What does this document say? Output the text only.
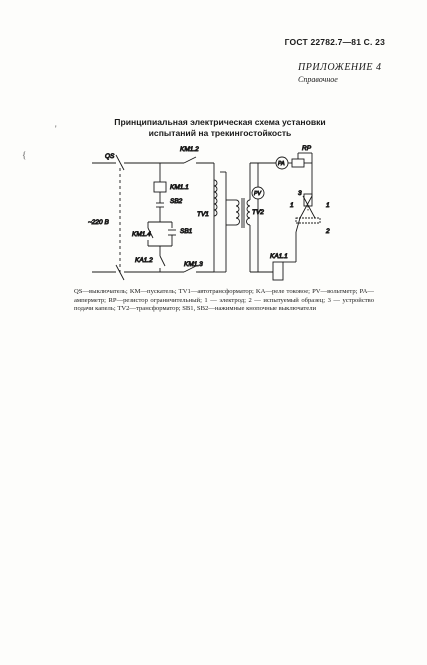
ГОСТ 22782.7—81 С. 23
ПРИЛОЖЕНИЕ 4
Справочное
Принципиальная электрическая схема установки
испытаний на трекингостойкость
'
{	QS
KM1.2
KM1.1
SB2
KM1.4	SB1
KA1.2
KM1.3
TV1	TV2
PV
PA
RP
KA1.1
~220 В
1	1
2
3
QS—выключатель; KM—пускатель; TV1—автотрансформатор; KA—реле токовое; PV—вольтметр; PA—амперметр; RP—резистор ограничительный; 1 — электрод; 2 — испытуемый образец; 3 — устройство подачи капель; TV2—трансформатор; SB1, SB2—нажимные кнопочные выключатели
